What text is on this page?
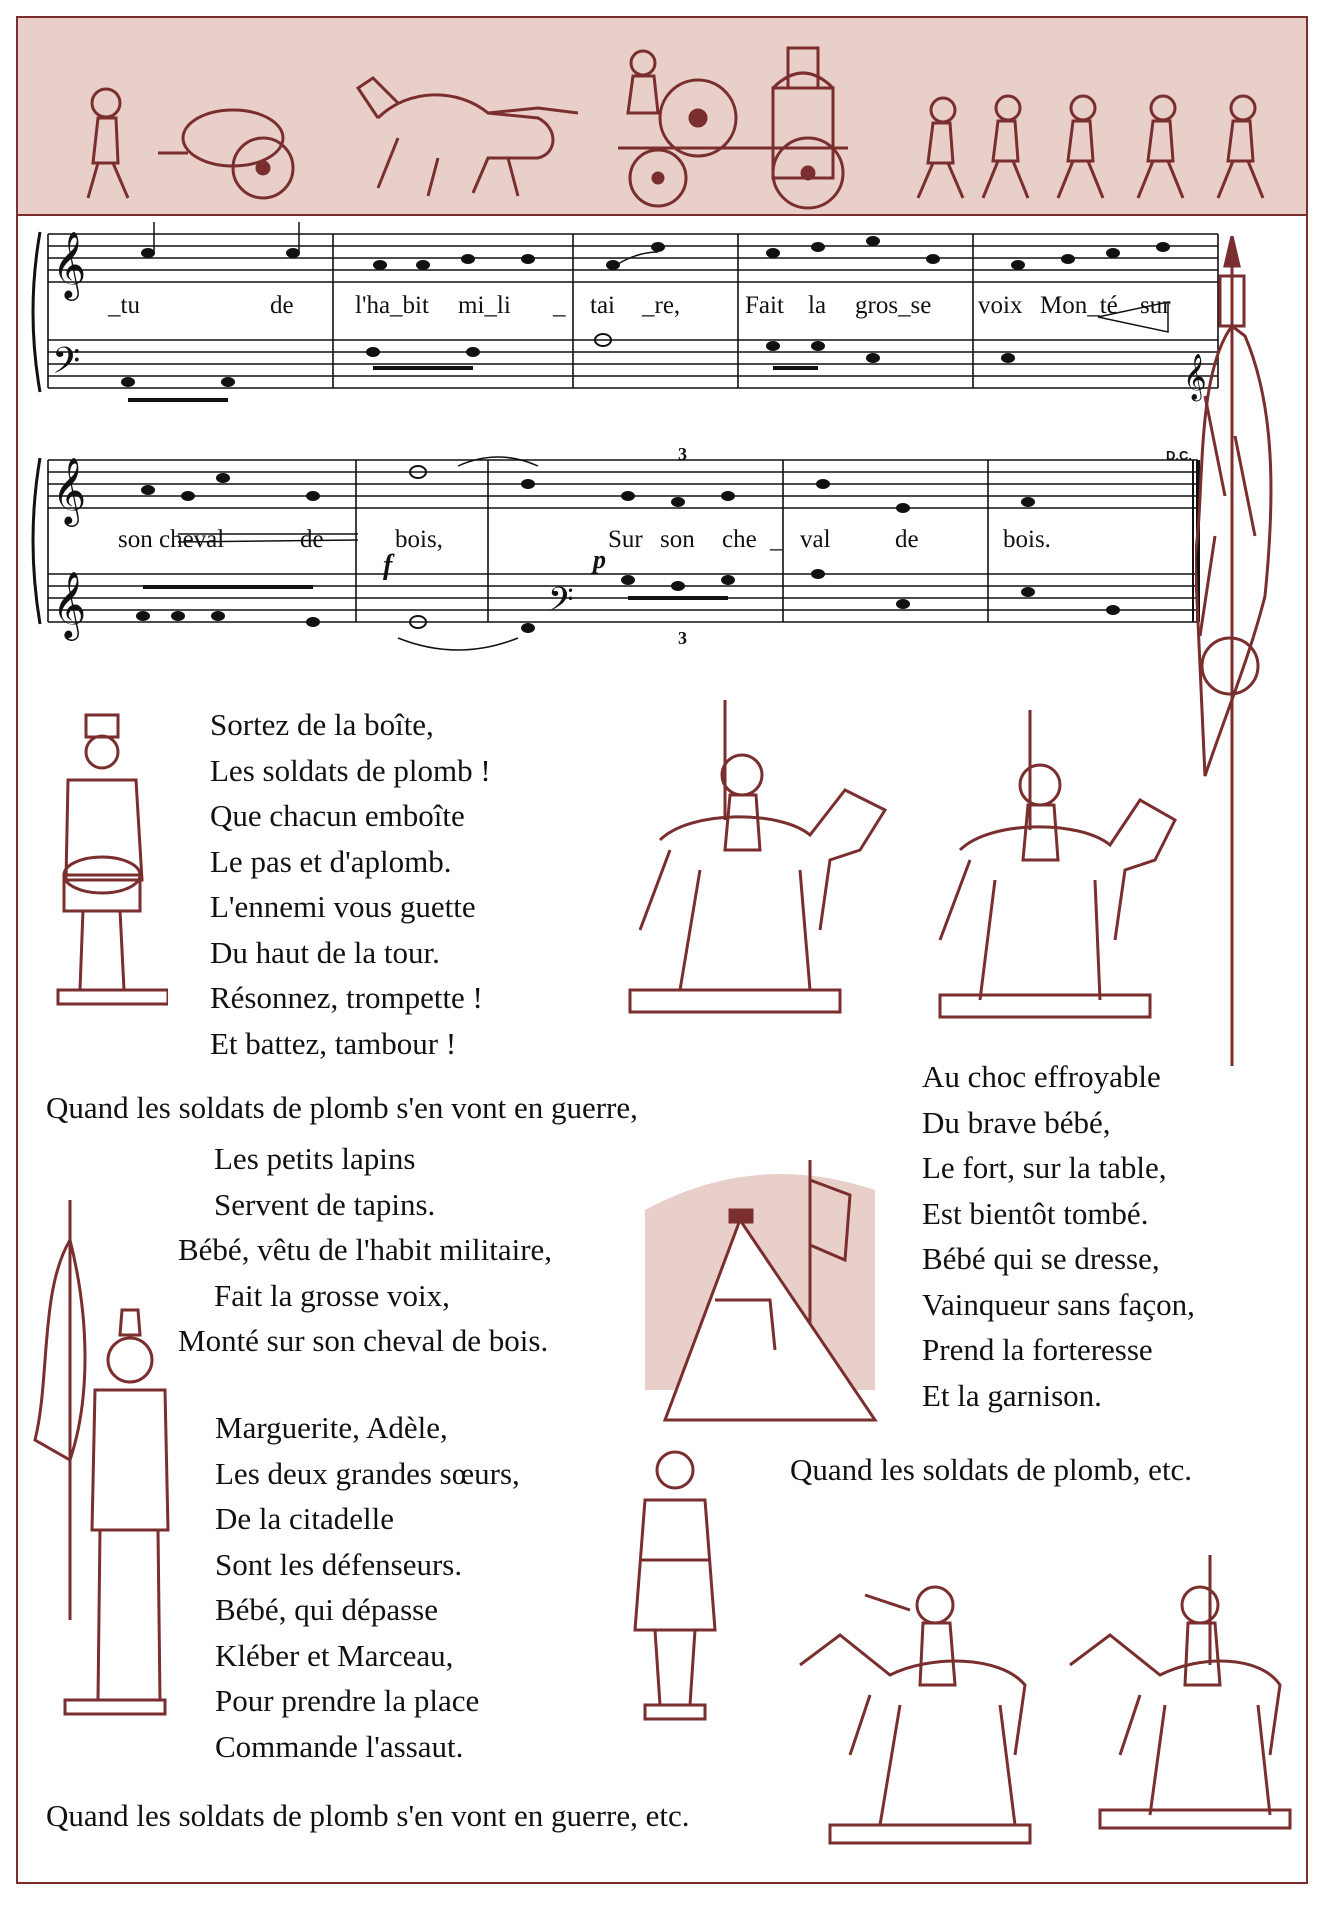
𝄞
𝄢
𝄞
𝄞	𝄢
𝄞
f	p
3
3
D.C.
_tu	de l'ha_bit mi_li _ tai _re,	Fait la gros_se voix Mon_té sur
son cheval	de	bois,	Sur son che _ val	de	bois.
Sortez de la boîte,
Les soldats de plomb !
Que chacun emboîte
Le pas et d'aplomb.
L'ennemi vous guette
Du haut de la tour.
Résonnez, trompette !
Et battez, tambour !
Quand les soldats de plomb s'en vont en guerre,
Les petits lapins
Servent de tapins.
Bébé, vêtu de l'habit militaire,
Fait la grosse voix,
Monté sur son cheval de bois.
Au choc effroyable
Du brave bébé,
Le fort, sur la table,
Est bientôt tombé.
Bébé qui se dresse,
Vainqueur sans façon,
Prend la forteresse
Et la garnison.
Quand les soldats de plomb, etc.
Marguerite, Adèle,
Les deux grandes sœurs,
De la citadelle
Sont les défenseurs.
Bébé, qui dépasse
Kléber et Marceau,
Pour prendre la place
Commande l'assaut.
Quand les soldats de plomb s'en vont en guerre, etc.
